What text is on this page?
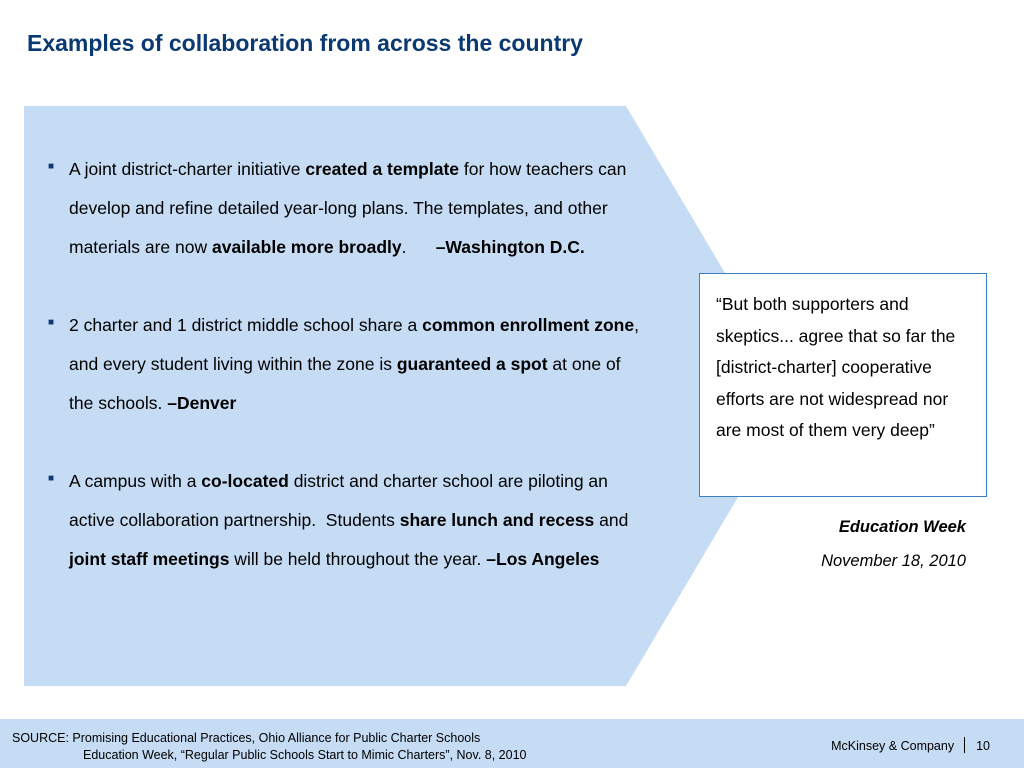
Examples of collaboration from across the country
■ A joint district-charter initiative created a template for how teachers can develop and refine detailed year-long plans. The templates, and other materials are now available more broadly.      –Washington D.C.
■ 2 charter and 1 district middle school share a common enrollment zone, and every student living within the zone is guaranteed a spot at one of the schools. –Denver
■ A campus with a co-located district and charter school are piloting an active collaboration partnership.  Students share lunch and recess and joint staff meetings will be held throughout the year. –Los Angeles
“But both supporters and skeptics... agree that so far the [district-charter] cooperative efforts are not widespread nor are most of them very deep”
Education Week
November 18, 2010
SOURCE: Promising Educational Practices, Ohio Alliance for Public Charter Schools
Education Week, “Regular Public Schools Start to Mimic Charters”, Nov. 8, 2010
McKinsey & Company 10
